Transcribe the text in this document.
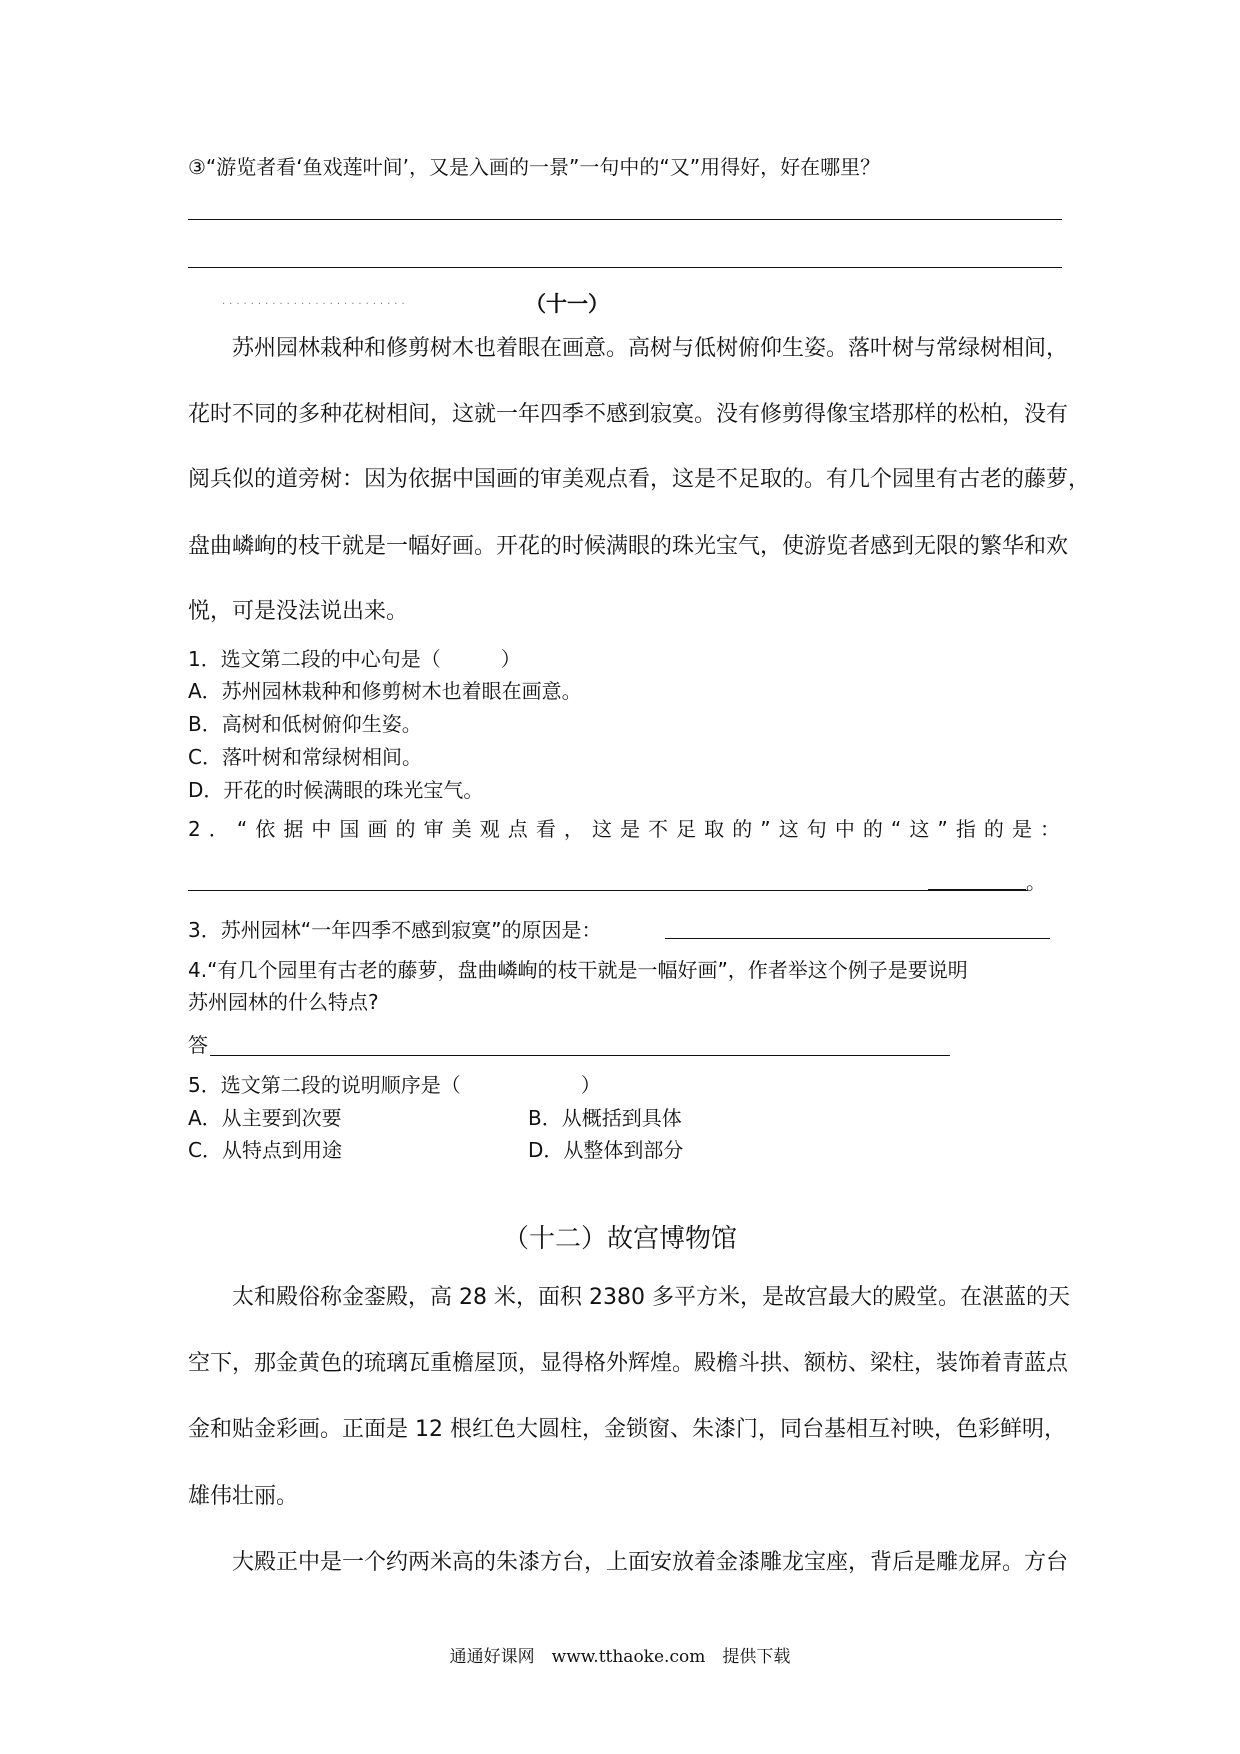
③“游览者看‘鱼戏莲叶间’，又是入画的一景”一句中的“又”用得好，好在哪里？
..........................	（十一）
苏州园林栽种和修剪树木也着眼在画意。高树与低树俯仰生姿。落叶树与常绿树相间，
花时不同的多种花树相间，这就一年四季不感到寂寞。没有修剪得像宝塔那样的松柏，没有
阅兵似的道旁树：因为依据中国画的审美观点看，这是不足取的。有几个园里有古老的藤萝，
盘曲嶙峋的枝干就是一幅好画。开花的时候满眼的珠光宝气，使游览者感到无限的繁华和欢
悦，可是没法说出来。
1．选文第二段的中心句是（　　　）
A．苏州园林栽种和修剪树木也着眼在画意。
B．高树和低树俯仰生姿。
C．落叶树和常绿树相间。
D．开花的时候满眼的珠光宝气。
2．“依据中国画的审美观点看，这是不足取的”这句中的“这”指的是：
。
3．苏州园林“一年四季不感到寂寞”的原因是：
4.“有几个园里有古老的藤萝，盘曲嶙峋的枝干就是一幅好画”，作者举这个例子是要说明
苏州园林的什么特点?
答
5．选文第二段的说明顺序是（　　　　　　）
A．从主要到次要	B．从概括到具体
C．从特点到用途	D．从整体到部分
（十二）故宫博物馆
太和殿俗称金銮殿，高 28 米，面积 2380 多平方米，是故宫最大的殿堂。在湛蓝的天
空下，那金黄色的琉璃瓦重檐屋顶，显得格外辉煌。殿檐斗拱、额枋、梁柱，装饰着青蓝点
金和贴金彩画。正面是 12 根红色大圆柱，金锁窗、朱漆门，同台基相互衬映，色彩鲜明，
雄伟壮丽。
大殿正中是一个约两米高的朱漆方台，上面安放着金漆雕龙宝座，背后是雕龙屏。方台
通通好课网　www.tthaoke.com　提供下载
